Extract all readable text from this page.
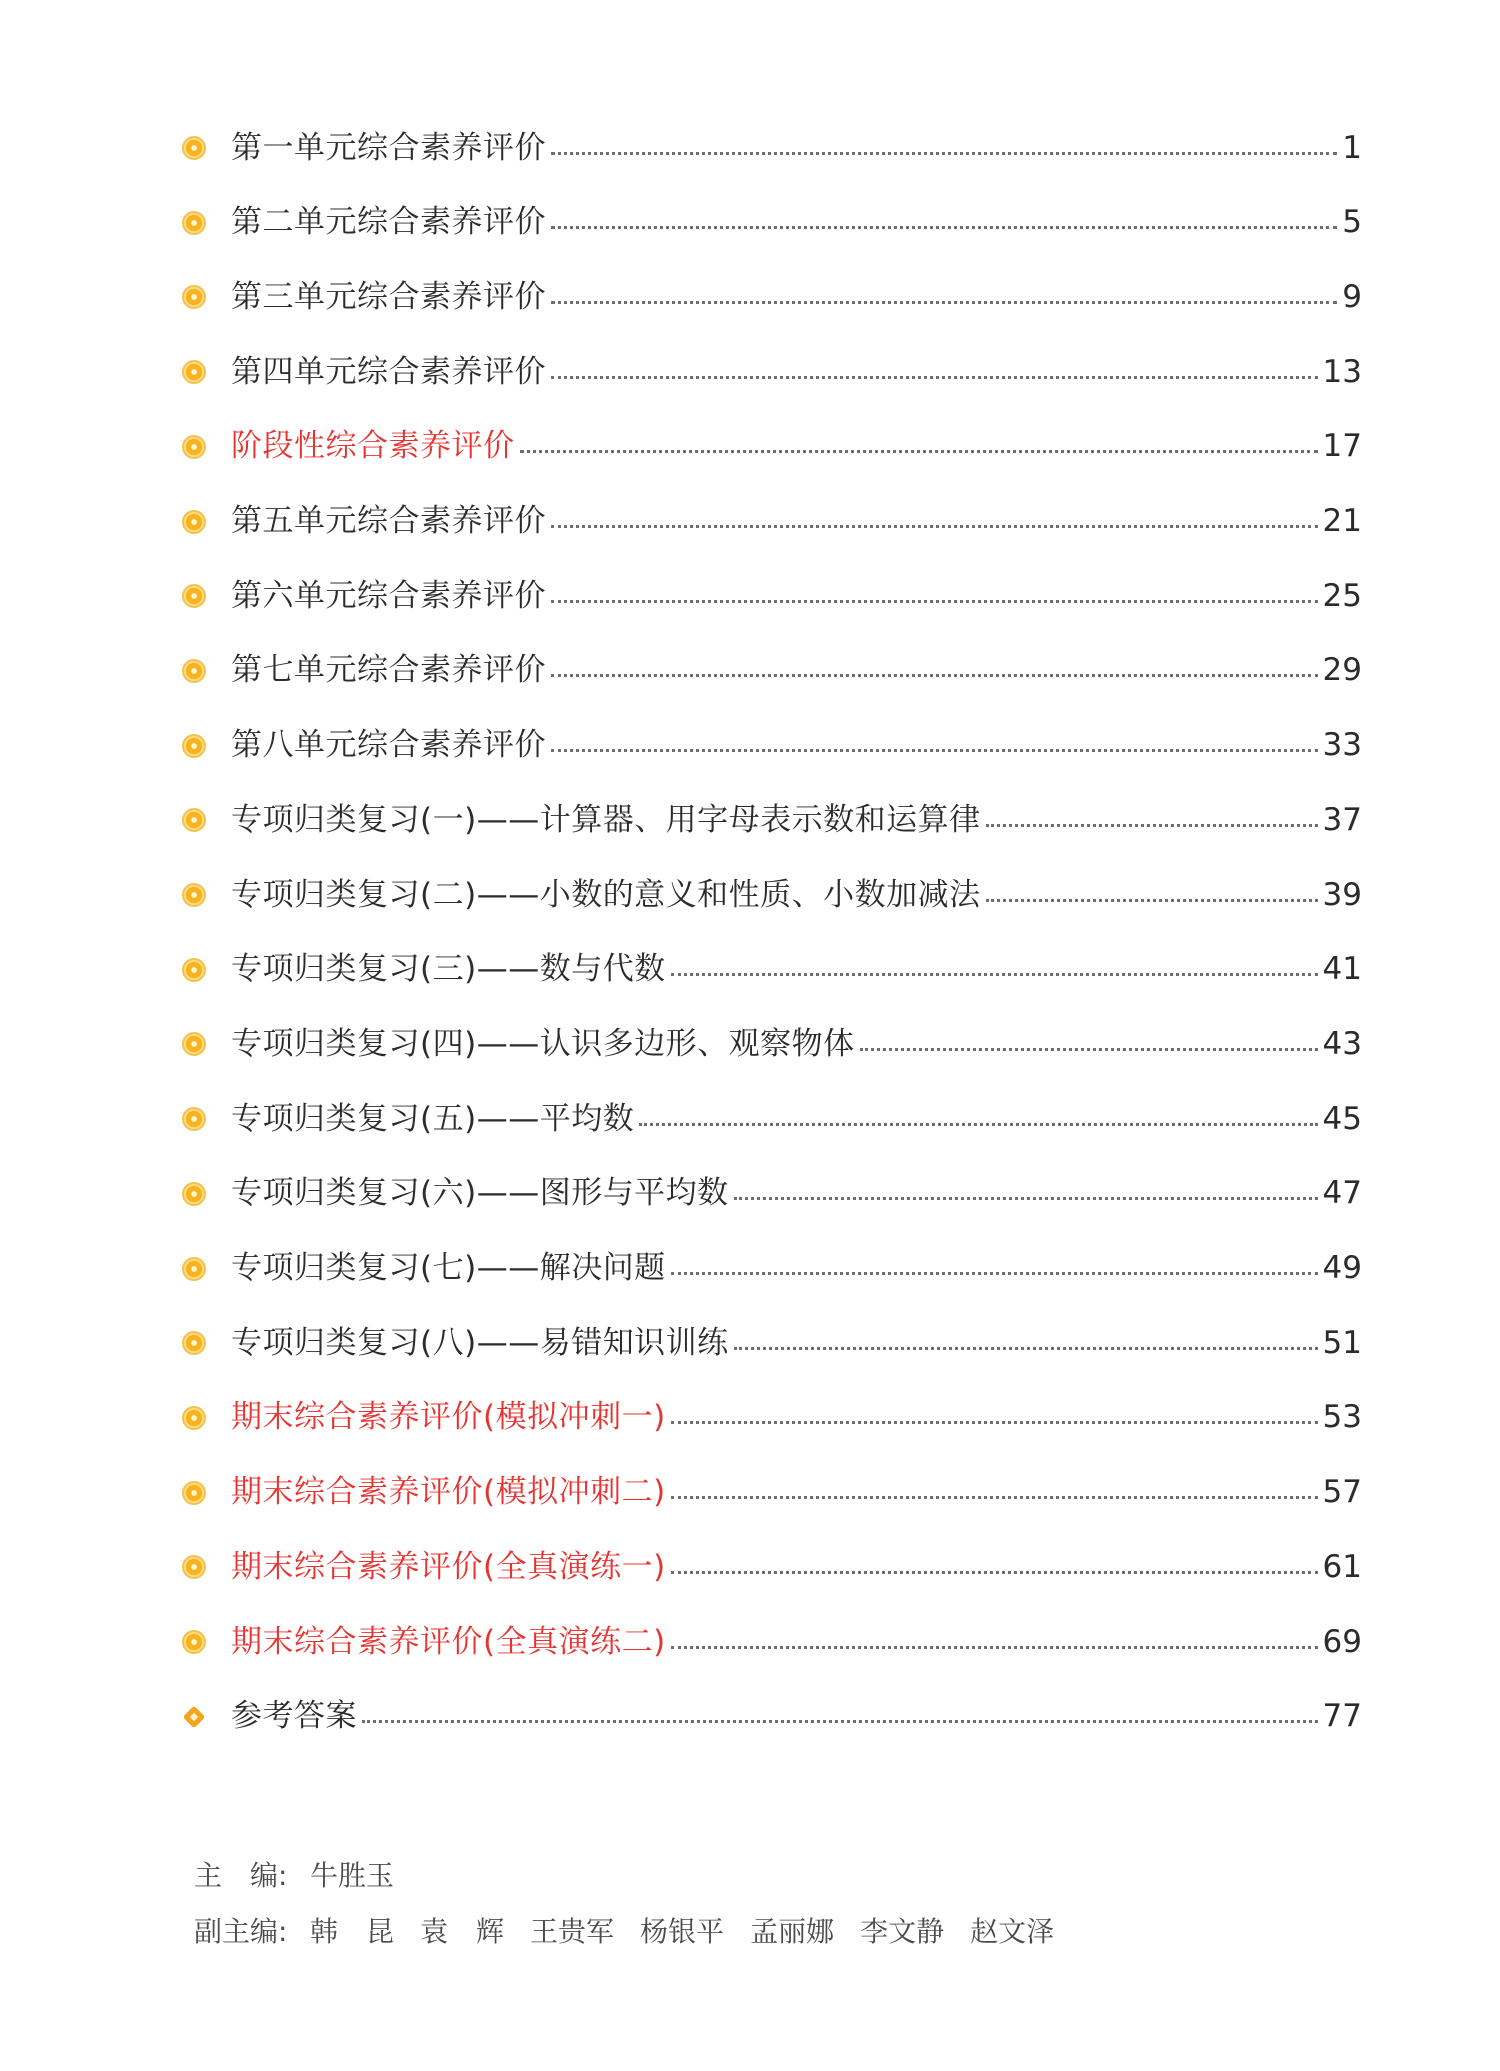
第一单元综合素养评价	1
第二单元综合素养评价	5
第三单元综合素养评价	9
第四单元综合素养评价	13
阶段性综合素养评价	17
第五单元综合素养评价	21
第六单元综合素养评价	25
第七单元综合素养评价	29
第八单元综合素养评价	33
专项归类复习(一)——计算器、用字母表示数和运算律	37
专项归类复习(二)——小数的意义和性质、小数加减法	39
专项归类复习(三)——数与代数	41
专项归类复习(四)——认识多边形、观察物体	43
专项归类复习(五)——平均数	45
专项归类复习(六)——图形与平均数	47
专项归类复习(七)——解决问题	49
专项归类复习(八)——易错知识训练	51
期末综合素养评价(模拟冲刺一)	53
期末综合素养评价(模拟冲刺二)	57
期末综合素养评价(全真演练一)	61
期末综合素养评价(全真演练二)	69
参考答案	77
主　编: 牛胜玉
副主编: 韩　昆 袁　辉 王贵军 杨银平 孟丽娜 李文静 赵文泽
